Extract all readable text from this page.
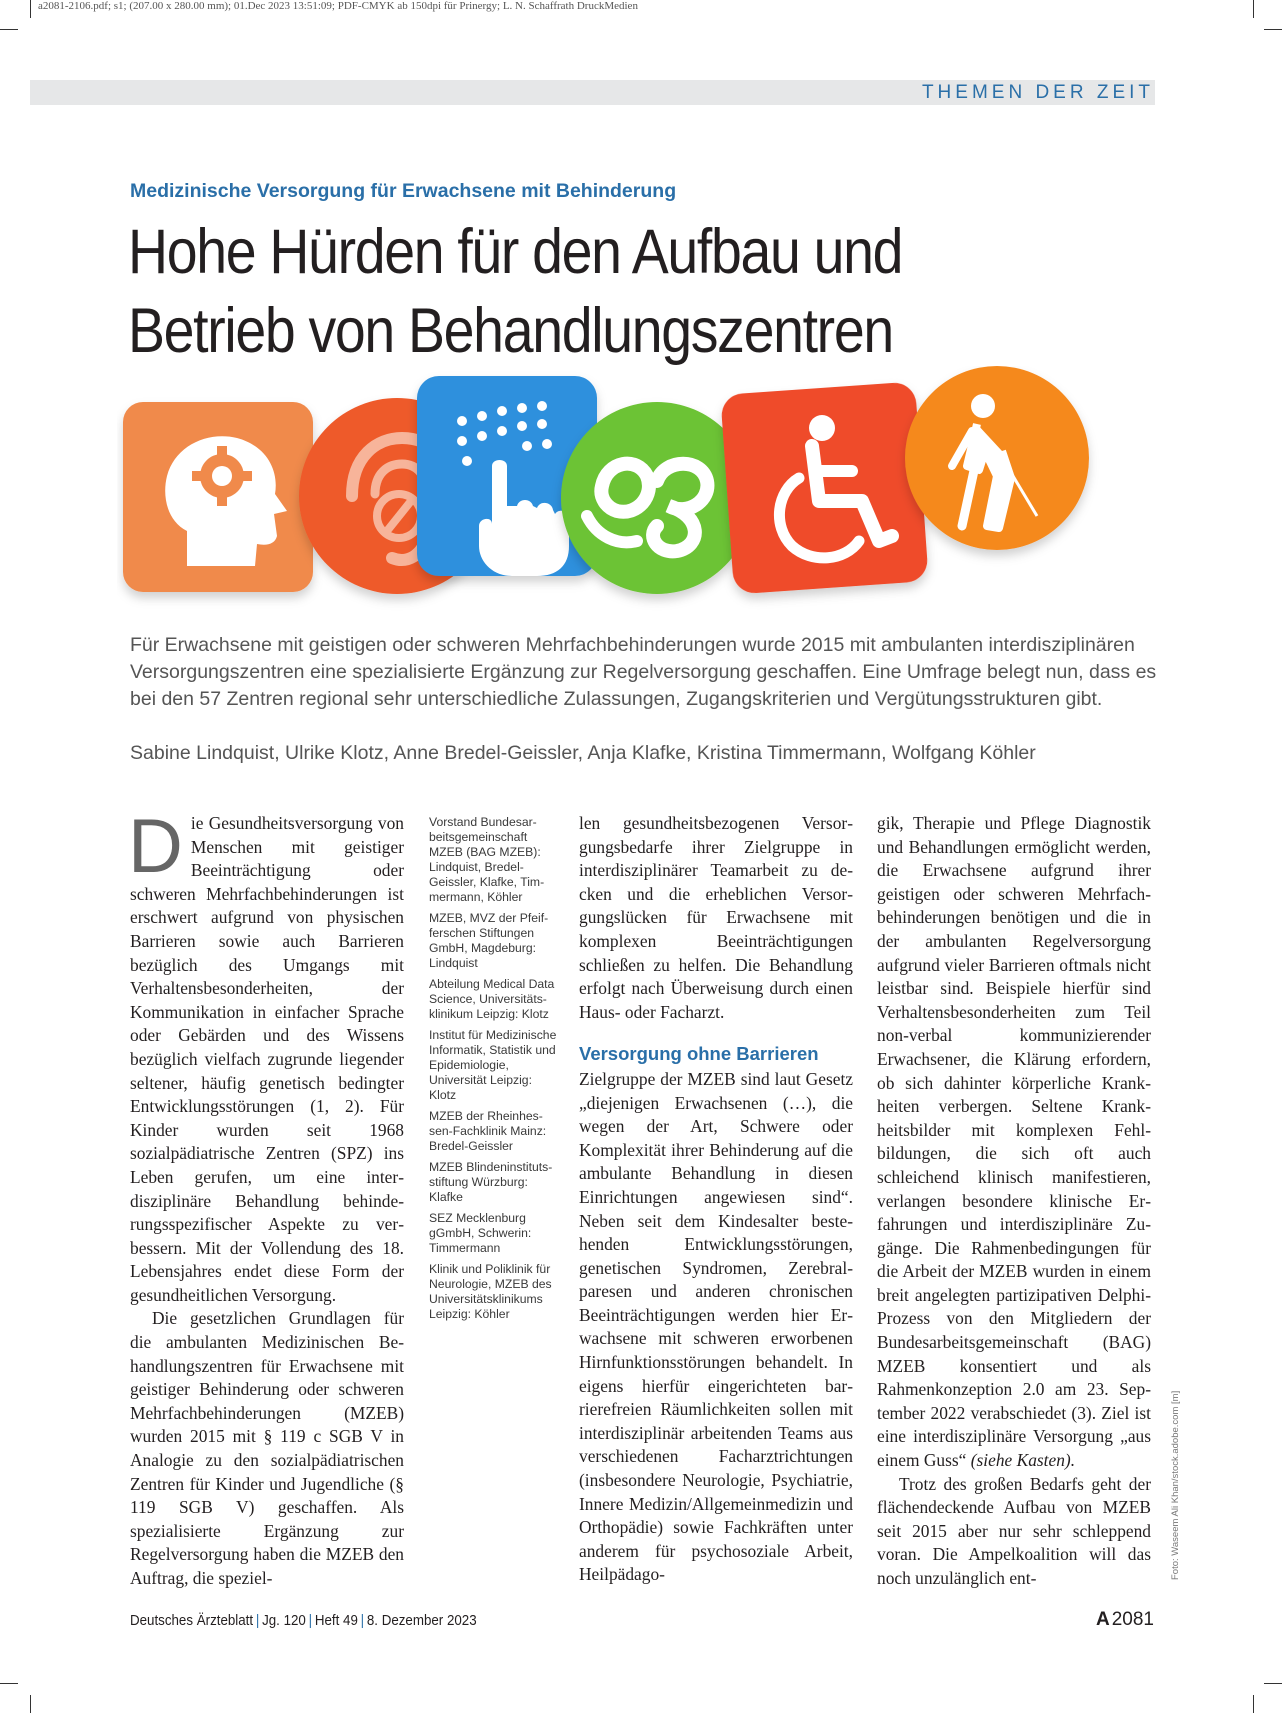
a2081-2106.pdf; s1; (207.00 x 280.00 mm); 01.Dec 2023 13:51:09; PDF-CMYK ab 150dpi für Prinergy; L. N. Schaffrath DruckMedien
THEMEN DER ZEIT
Medizinische Versorgung für Erwachsene mit Behinderung
Hohe Hürden für den Aufbau und
Betrieb von Behandlungszentren
Foto: Waseem Ali Khan/stock.adobe.com [m]
Für Erwachsene mit geistigen oder schweren Mehrfachbehinderungen wurde 2015 mit ambulanten interdisziplinären Versorgungszentren eine spezialisierte Ergänzung zur Regelversorgung geschaffen. Eine Umfrage belegt nun, dass es bei den 57 Zentren regional sehr unterschiedliche Zulassungen, Zugangskriterien und Vergütungsstrukturen gibt.
Sabine Lindquist, Ulrike Klotz, Anne Bredel-Geissler, Anja Klafke, Kristina Timmermann, Wolfgang Köhler

Die Gesundheitsversorgung von Menschen mit geistiger Beeinträchtigung oder schweren Mehrfachbehinderungen ist erschwert aufgrund von physischen Barrieren sowie auch Barrieren bezüglich des Umgangs mit Verhaltensbesonderheiten, der Kommunikation in einfacher Sprache oder Gebärden und des Wissens bezüglich vielfach zugrunde liegender seltener, häufig genetisch bedingter Entwicklungsstörungen (1, 2). Für Kinder wurden seit 1968 sozialpädiatrische Zentren (SPZ) ins Leben gerufen, um eine interdisziplinäre Behandlung behinderungsspezifischer Aspekte zu verbessern. Mit der Vollendung des 18. Lebensjahres endet diese Form der gesundheitlichen Versorgung.

Die gesetzlichen Grundlagen für die ambulanten Medizinischen Behandlungszentren für Erwachsene mit geistiger Behinderung oder schweren Mehrfachbehinderungen (MZEB) wurden 2015 mit § 119 c SGB V in Analogie zu den sozialpädiatrischen Zentren für Kinder und Jugendliche (§ 119 SGB V) geschaffen. Als spezialisierte Ergänzung zur Regelversorgung haben die MZEB den Auftrag, die speziel-

Vorstand Bundesarbeitsgemeinschaft MZEB (BAG MZEB): Lindquist, Bredel-Geissler, Klafke, Timmermann, Köhler
MZEB, MVZ der Pfeifferschen Stiftungen GmbH, Magdeburg: Lindquist
Abteilung Medical Data Science, Universitätsklinikum Leipzig: Klotz
Institut für Medizinische Informatik, Statistik und Epidemiologie, Universität Leipzig: Klotz
MZEB der Rheinhessen-Fachklinik Mainz: Bredel-Geissler
MZEB Blindeninstitutsstiftung Würzburg: Klafke
SEZ Mecklenburg gGmbH, Schwerin: Timmermann
Klinik und Poliklinik für Neurologie, MZEB des Universitätsklinikums Leipzig: Köhler

len gesundheitsbezogenen Versorgungsbedarfe ihrer Zielgruppe in interdisziplinärer Teamarbeit zu decken und die erheblichen Versorgungslücken für Erwachsene mit komplexen Beeinträchtigungen schließen zu helfen. Die Behandlung erfolgt nach Überweisung durch einen Haus- oder Facharzt.

Versorgung ohne Barrieren

Zielgruppe der MZEB sind laut Gesetz „diejenigen Erwachsenen (…), die wegen der Art, Schwere oder Komplexität ihrer Behinderung auf die ambulante Behandlung in diesen Einrichtungen angewiesen sind“. Neben seit dem Kindesalter bestehenden Entwicklungsstörungen, genetischen Syndromen, Zerebralparesen und anderen chronischen Beeinträchtigungen werden hier Erwachsene mit schweren erworbenen Hirnfunktionsstörungen behandelt. In eigens hierfür eingerichteten barrierefreien Räumlichkeiten sollen mit interdisziplinär arbeitenden Teams aus verschiedenen Facharztrichtungen (insbesondere Neurologie, Psychiatrie, Innere Medizin/Allgemeinmedizin und Orthopädie) sowie Fachkräften unter anderem für psychosoziale Arbeit, Heilpädago-

gik, Therapie und Pflege Diagnostik und Behandlungen ermöglicht werden, die Erwachsene aufgrund ihrer geistigen oder schweren Mehrfachbehinderungen benötigen und die in der ambulanten Regelversorgung aufgrund vieler Barrieren oftmals nicht leistbar sind. Beispiele hierfür sind Verhaltensbesonderheiten zum Teil non-verbal kommunizierender Erwachsener, die Klärung erfordern, ob sich dahinter körperliche Krankheiten verbergen. Seltene Krankheitsbilder mit komplexen Fehlbildungen, die sich oft auch schleichend klinisch manifestieren, verlangen besondere klinische Erfahrungen und interdisziplinäre Zugänge. Die Rahmenbedingungen für die Arbeit der MZEB wurden in einem breit angelegten partizipativen Delphi-Prozess von den Mitgliedern der Bundesarbeitsgemeinschaft (BAG) MZEB konsentiert und als Rahmenkonzeption 2.0 am 23. September 2022 verabschiedet (3). Ziel ist eine interdisziplinäre Versorgung „aus einem Guss“ (siehe Kasten).

Trotz des großen Bedarfs geht der flächendeckende Aufbau von MZEB seit 2015 aber nur sehr schleppend voran. Die Ampelkoalition will das noch unzulänglich ent-

Deutsches Ärzteblatt | Jg. 120 | Heft 49 | 8. Dezember 2023	A 2081
